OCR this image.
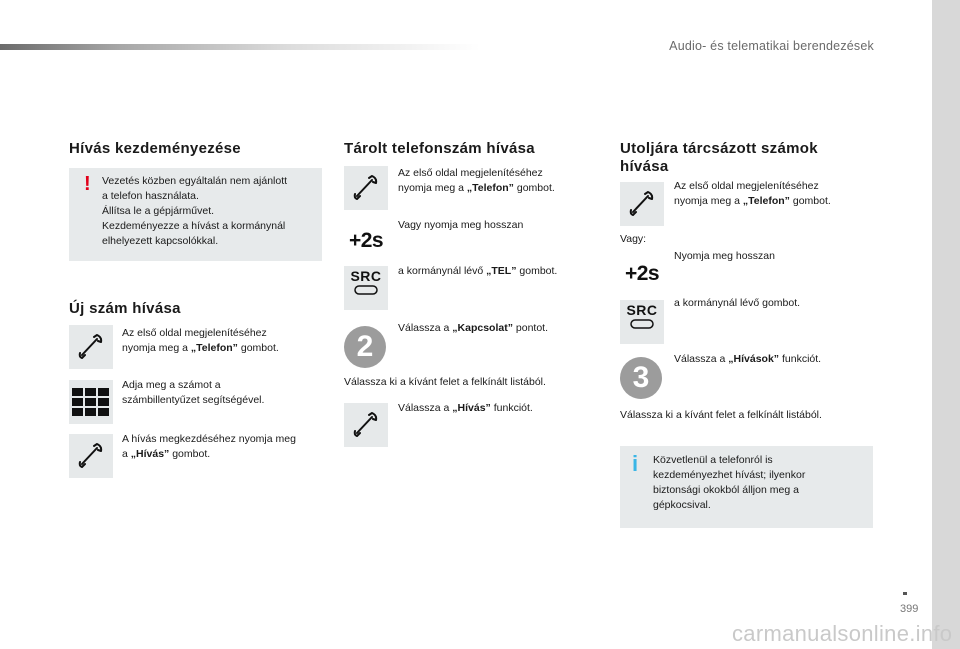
Audio- és telematikai berendezések
Hívás kezdeményezése
! Vezetés közben egyáltalán nem ajánlott
a telefon használata.
Állítsa le a gépjárművet.
Kezdeményezze a hívást a kormánynál
elhelyezett kapcsolókkal.
Új szám hívása
Az első oldal megjelenítéséhez
nyomja meg a „Telefon” gombot.
Adja meg a számot a
számbillentyűzet segítségével.
A hívás megkezdéséhez nyomja meg
a „Hívás” gombot.
Tárolt telefonszám hívása
Az első oldal megjelenítéséhez
nyomja meg a „Telefon” gombot.
+2s
Vagy nyomja meg hosszan
SRC a kormánynál lévő „TEL” gombot.
2
Válassza a „Kapcsolat” pontot.
Válassza ki a kívánt felet a felkínált listából.
Válassza a „Hívás” funkciót.
Utoljára tárcsázott számok
hívása
Az első oldal megjelenítéséhez
nyomja meg a „Telefon” gombot.
Vagy:
+2s
Nyomja meg hosszan
SRC a kormánynál lévő gombot.
3
Válassza a „Hívások” funkciót.
Válassza ki a kívánt felet a felkínált listából.
i Közvetlenül a telefonról is
kezdeményezhet hívást; ilyenkor
biztonsági okokból álljon meg a
gépkocsival.
399
carmanualsonline.info
